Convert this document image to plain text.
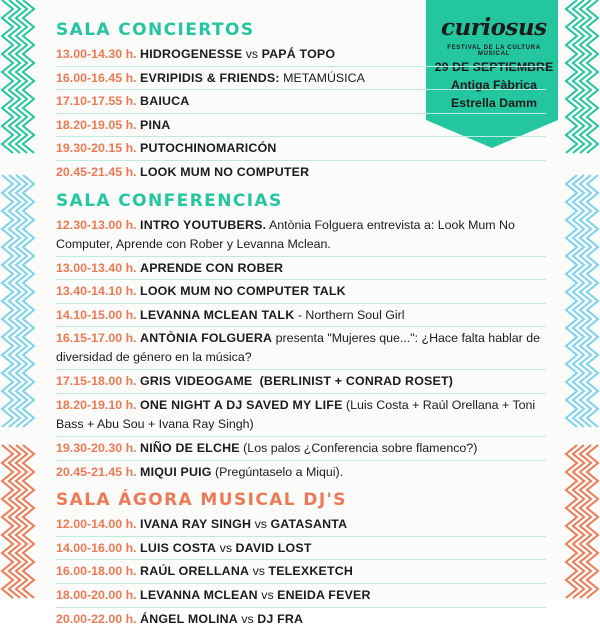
curiosus
FESTIVAL DE LA CULTURA MUSICAL
29 DE SEPTIEMBRE
Antiga Fàbrica
Estrella Damm
SALA CONCIERTOS
13.00-14.30 h. HIDROGENESSE vs PAPÁ TOPO
16.00-16.45 h. EVRIPIDIS & FRIENDS: METAMÚSICA
17.10-17.55 h. BAIUCA
18.20-19.05 h. PINA
19.30-20.15 h. PUTOCHINOMARICÓN
20.45-21.45 h. LOOK MUM NO COMPUTER
SALA CONFERENCIAS
12.30-13.00 h. INTRO YOUTUBERS. Antònia Folguera entrevista a: Look Mum No Computer, Aprende con Rober y Levanna Mclean.
13.00-13.40 h. APRENDE CON ROBER
13.40-14.10 h. LOOK MUM NO COMPUTER TALK
14.10-15.00 h. LEVANNA MCLEAN TALK - Northern Soul Girl
16.15-17.00 h. ANTÒNIA FOLGUERA presenta "Mujeres que...": ¿Hace falta hablar de diversidad de género en la música?
17.15-18.00 h. GRIS VIDEOGAME  (BERLINIST + CONRAD ROSET)
18.20-19.10 h. ONE NIGHT A DJ SAVED MY LIFE (Luis Costa + Raúl Orellana + Toni Bass + Abu Sou + Ivana Ray Singh)
19.30-20.30 h. NIÑO DE ELCHE (Los palos ¿Conferencia sobre flamenco?)
20.45-21.45 h. MIQUI PUIG (Pregúntaselo a Miqui).
SALA ÁGORA MUSICAL DJ'S
12.00-14.00 h. IVANA RAY SINGH vs GATASANTA
14.00-16.00 h. LUIS COSTA vs DAVID LOST
16.00-18.00 h. RAÚL ORELLANA vs TELEXKETCH
18.00-20.00 h. LEVANNA MCLEAN vs ENEIDA FEVER
20.00-22.00 h. ÁNGEL MOLINA vs DJ FRA
